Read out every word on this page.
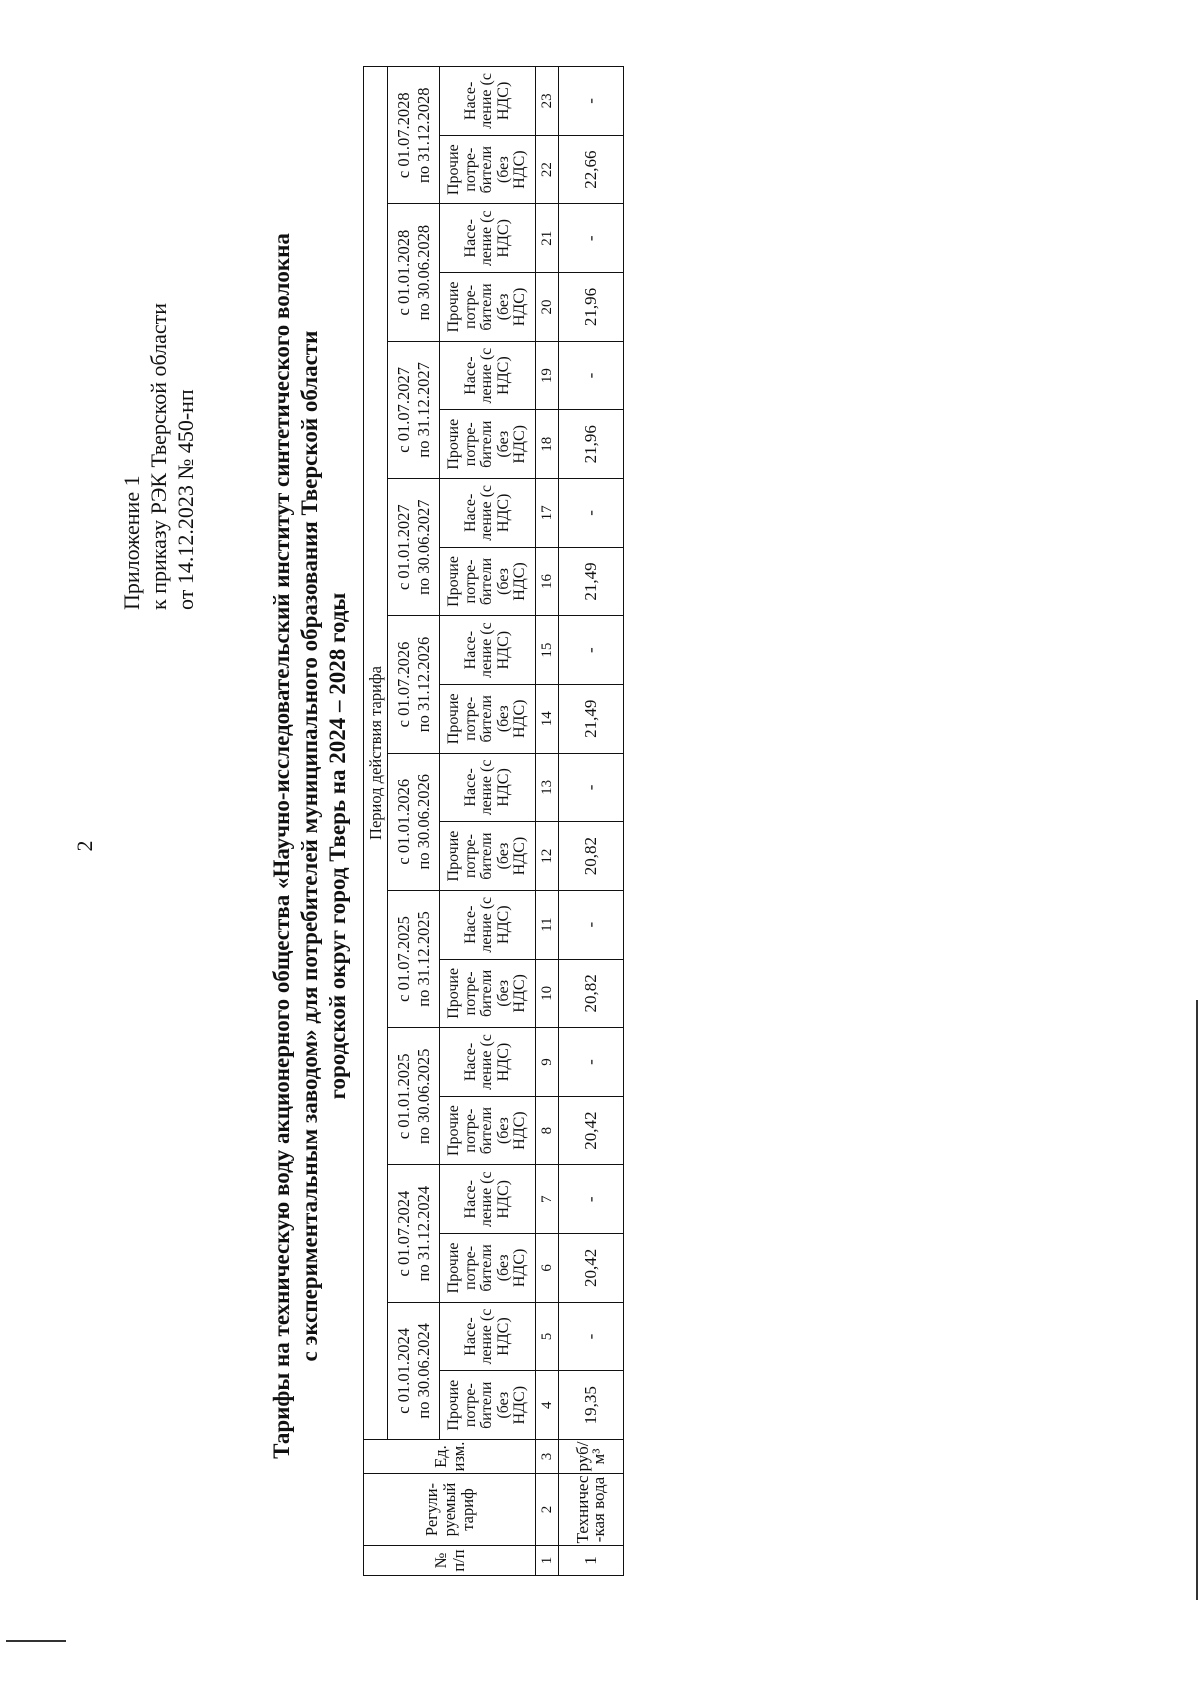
2
Приложение 1 к приказу РЭК Тверской области от 14.12.2023 № 450-нп	Тарифы на техническую воду акционерного общества «Научно-исследовательский институт синтетического волокна с экспериментальным заводом» для потребителей муниципального образования Тверской области городской округ город Тверь на 2024 – 2028 годы
№ п/п	Регули-руемый тариф	Ед. изм.	Период действия тарифа																			

			с 01.01.2024 по 30.06.2024		с 01.07.2024 по 31.12.2024		с 01.01.2025 по 30.06.2025		с 01.07.2025 по 31.12.2025		с 01.01.2026 по 30.06.2026		с 01.07.2026 по 31.12.2026		с 01.01.2027 по 30.06.2027		с 01.07.2027 по 31.12.2027		с 01.01.2028 по 30.06.2028		с 01.07.2028 по 31.12.2028	

			Прочие потре-бители (без НДС)	Насе-ление (с НДС)	Прочие потре-бители (без НДС)	Насе-ление (с НДС)	Прочие потре-бители (без НДС)	Насе-ление (с НДС)	Прочие потре-бители (без НДС)	Насе-ление (с НДС)	Прочие потре-бители (без НДС)	Насе-ление (с НДС)	Прочие потре-бители (без НДС)	Насе-ление (с НДС)	Прочие потре-бители (без НДС)	Насе-ление (с НДС)	Прочие потре-бители (без НДС)	Насе-ление (с НДС)	Прочие потре-бители (без НДС)	Насе-ление (с НДС)	Прочие потре-бители (без НДС)	Насе-ление (с НДС)
1	2	3	4	5	6	7	8	9	10	11	12	13	14	15	16	17	18	19	20	21	22	23
1	Техничес-кая вода	руб/м³	19,35	-	20,42	-	20,42	-	20,82	-	20,82	-	21,49	-	21,49	-	21,96	-	21,96	-	22,66	-
